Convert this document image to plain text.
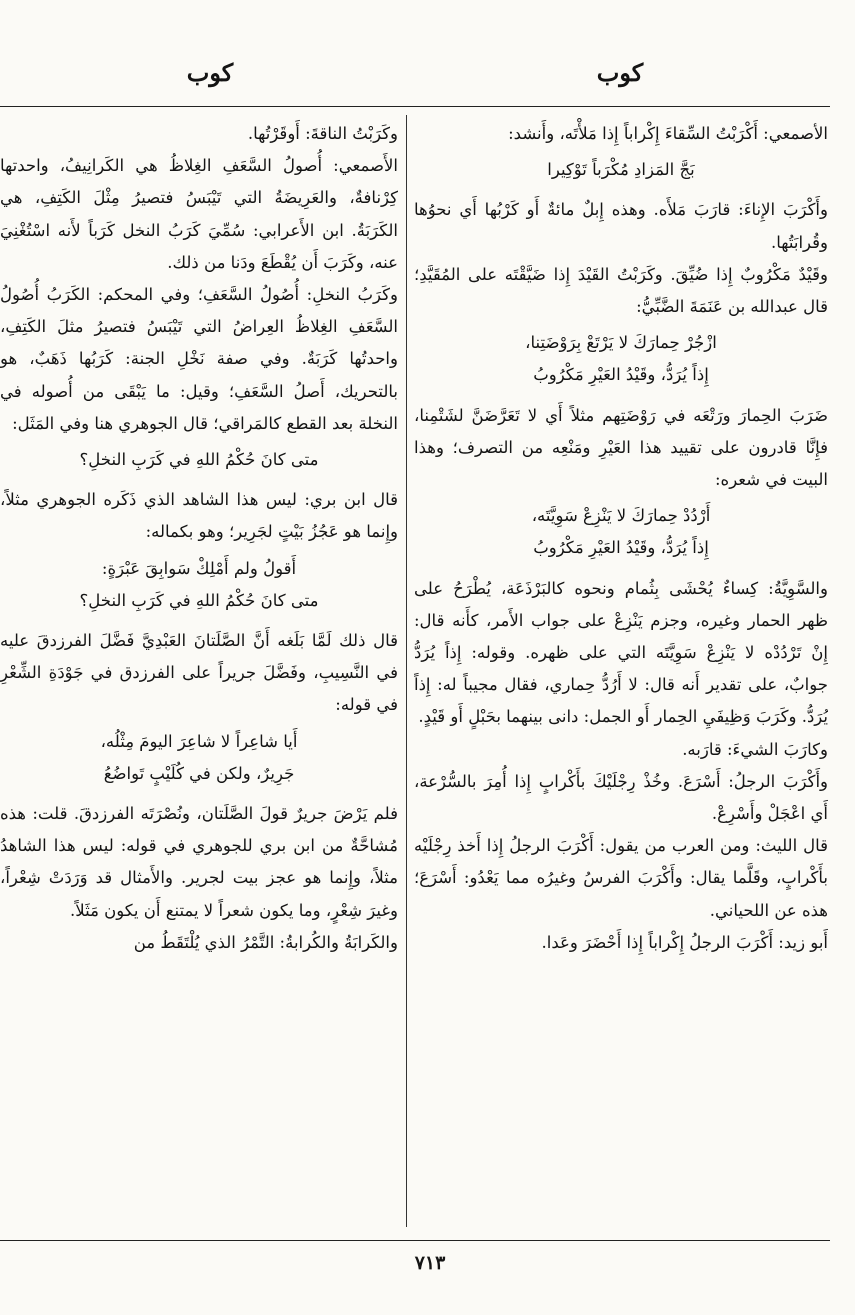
كوب
كوب

الأصمعي: أَكْرَبْتُ السِّقاءَ إِكْراباً إِذا مَلأْتَه، وأَنشد:

بَجَّ المَزادِ مُكْرَباً تَوْكِيرا

وأَكْرَبَ الإِناءَ: قارَبَ مَلأَه. وهذه إِبلٌ مائةٌ أَو كَرْبُها أَي نحوُها وقُرابَتُها.

وقَيْدٌ مَكْرُوبٌ إِذا ضُيِّقَ. وكَرَبْتُ القَيْدَ إِذا ضَيَّقْتَه على المُقَيَّدِ؛ قال عبدالله بن عَنَمَةَ الضَّبِّيُّ:

ازْجُرْ حِمارَكَ لا يَرْتَعْ بِرَوْضَتِنا،

إِذاً يُرَدُّ، وقَيْدُ العَيْرِ مَكْرُوبُ

ضَرَبَ الحِمارَ ورَتْعَه في رَوْضَتِهم مثلاً أَي لا تَعَرَّضَنَّ لشَتْمِنا، فإِنَّا قادرون على تقييد هذا العَيْرِ ومَنْعِه من التصرف؛ وهذا البيت في شعره:

أَرْدُدْ حِمارَكَ لا يَنْزِعْ سَوِيَّتَه،

إِذاً يُرَدُّ، وقَيْدُ العَيْرِ مَكْرُوبُ

والسَّوِيَّةُ: كِساءٌ يُحْشَى بِثُمام ونحوه كالبَرْذَعَة، يُطْرَحُ على ظهر الحمار وغيره، وجزم يَنْزِعْ على جواب الأَمر، كأَنه قال: إِنْ تَرْدُدْه لا يَنْزِعْ سَوِيَّتَه التي على ظهره. وقوله: إِذاً يُرَدُّ جوابٌ، على تقدير أَنه قال: لا أَرُدُّ حِماري، فقال مجيباً له: إِذاً يُرَدُّ. وكَرَبَ وَظِيفَيِ الحِمار أَو الجمل: دانى بينهما بحَبْلٍ أَو قَيْدٍ.

وكارَبَ الشيءَ: قارَبه.

وأَكْرَبَ الرجلُ: أَسْرَعَ. وخُذْ رِجْلَيْكَ بأَكْرابٍ إِذا أُمِرَ بالسُّرْعة، أَي اعْجَلْ وأَسْرِعْ.

قال الليث: ومن العرب من يقول: أَكْرَبَ الرجلُ إِذا أَخذ رِجْلَيْه بأَكْرابٍ، وقَلَّما يقال: وأَكْرَبَ الفرسُ وغيرُه مما يَعْدُو: أَسْرَعَ؛ هذه عن اللحياني.

أَبو زيد: أَكْرَبَ الرجلُ إِكْراباً إِذا أَحْضَرَ وعَدا.

وكَرَبْتُ الناقةَ: أَوقَرْتُها.

الأَصمعي: أُصولُ السَّعَفِ الغِلاظُ هي الكَرانِيفُ، واحدتها كِرْنافةٌ، والعَرِيضَةُ التي تَيْبَسُ فتصيرُ مِثْلَ الكَتِفِ، هي الكَرَبَةُ. ابن الأَعرابي: سُمِّيَ كَرَبُ النخل كَرَباً لأَنه اسْتُغْنِيَ عنه، وكَرَبَ أَن يُقْطَعَ ودَنا من ذلك.

وكَرَبُ النخلِ: أُصُولُ السَّعَفِ؛ وفي المحكم: الكَرَبُ أُصُولُ السَّعَفِ الغِلاظُ العِراضُ التي تَيْبَسُ فتصيرُ مثلَ الكَتِفِ، واحدتُها كَرَبَةٌ. وفي صفة نَخْلِ الجنة: كَرَبُها ذَهَبٌ، هو بالتحريك، أَصلُ السَّعَفِ؛ وقيل: ما يَبْقَى من أُصوله في النخلة بعد القطع كالمَراقي؛ قال الجوهري هنا وفي المَثَل:

متى كانَ حُكْمُ اللهِ في كَرَبِ النخلِ؟

قال ابن بري: ليس هذا الشاهد الذي ذَكَره الجوهري مثلاً، وإِنما هو عَجُزُ بَيْتٍ لجَرِير؛ وهو بكماله:

أَقولُ ولم أَمْلِكْ سَوابِقَ عَبْرَةٍ:

متى كانَ حُكْمُ اللهِ في كَرَبِ النخلِ؟

قال ذلك لَمَّا بَلَغه أَنَّ الصَّلَتانَ العَبْدِيَّ فَضَّلَ الفرزدقَ عليه في النَّسِيبِ، وفَضَّلَ جريراً على الفرزدق في جَوْدَةِ الشِّعْرِ في قوله:

أَيا شاعِراً لا شاعِرَ اليومَ مِثْلُه،

جَرِيرٌ، ولكن في كُلَيْبٍ تَواضُعُ

فلم يَرْضَ جريرٌ قولَ الصَّلَتان، ونُصْرَتَه الفرزدقَ. قلت: هذه مُشاحَّةٌ من ابن بري للجوهري في قوله: ليس هذا الشاهدُ مثلاً، وإِنما هو عجز بيت لجرير. والأَمثال قد وَرَدَتْ شِعْراً، وغيرَ شِعْرٍ، وما يكون شعراً لا يمتنع أَن يكون مَثَلاً.

والكَرابَةُ والكُرابةُ: التَّمْرُ الذي يُلْتَقَطُ من

٧١٣
